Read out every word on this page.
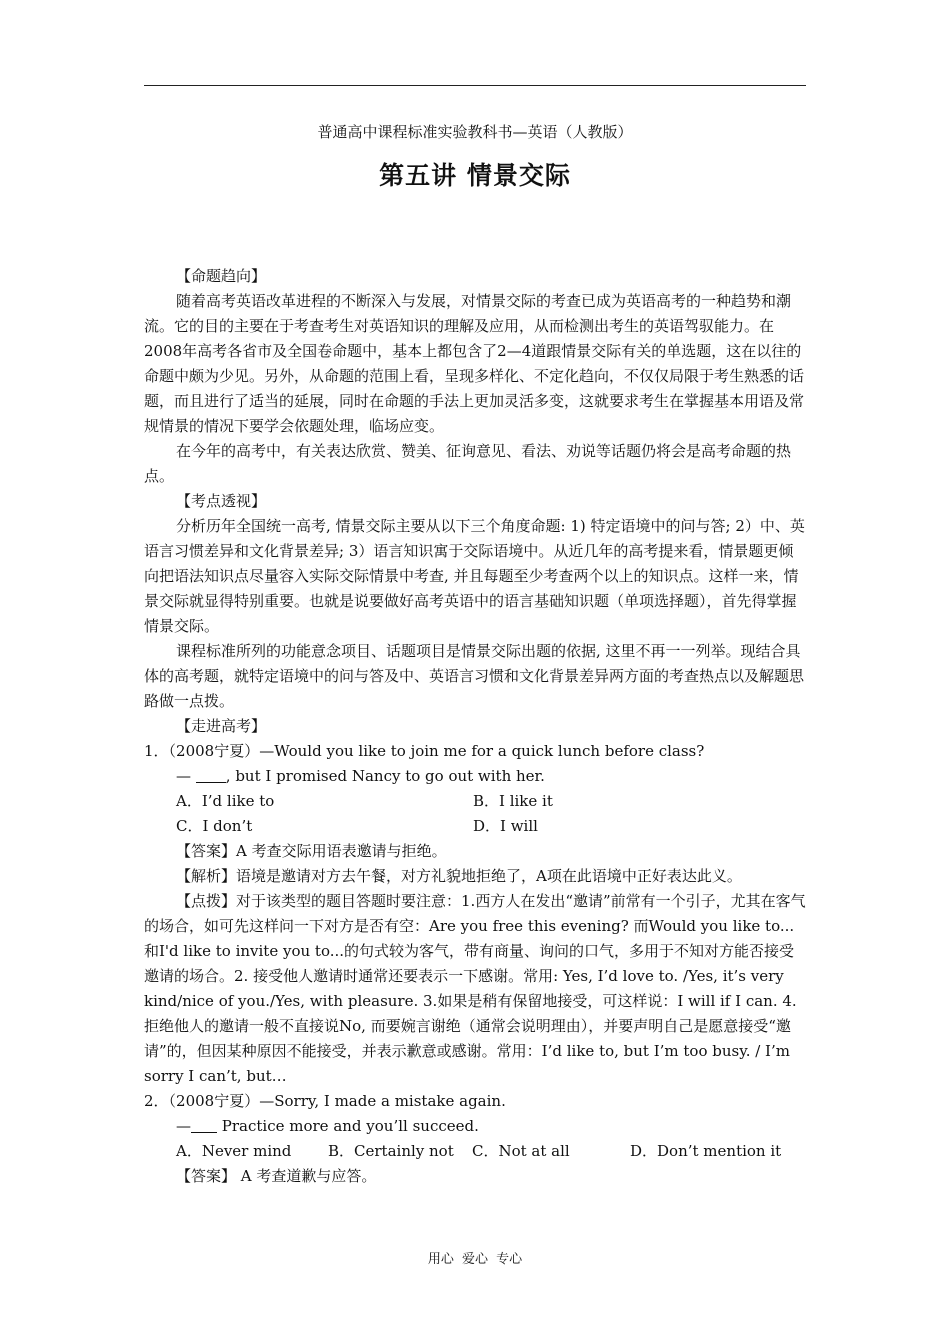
普通高中课程标准实验教科书—英语（人教版）
第五讲 情景交际

【命题趋向】

随着高考英语改革进程的不断深入与发展，对情景交际的考查已成为英语高考的一种趋势和潮流。它的目的主要在于考查考生对英语知识的理解及应用，从而检测出考生的英语驾驭能力。在2008年高考各省市及全国卷命题中，基本上都包含了2—4道跟情景交际有关的单选题，这在以往的命题中颇为少见。另外，从命题的范围上看，呈现多样化、不定化趋向，不仅仅局限于考生熟悉的话题，而且进行了适当的延展，同时在命题的手法上更加灵活多变，这就要求考生在掌握基本用语及常规情景的情况下要学会依题处理，临场应变。

在今年的高考中，有关表达欣赏、赞美、征询意见、看法、劝说等话题仍将会是高考命题的热点。

【考点透视】

分析历年全国统一高考, 情景交际主要从以下三个角度命题: 1) 特定语境中的问与答; 2）中、英语言习惯差异和文化背景差异; 3）语言知识寓于交际语境中。从近几年的高考提来看，情景题更倾向把语法知识点尽量容入实际交际情景中考查, 并且每题至少考查两个以上的知识点。这样一来，情景交际就显得特别重要。也就是说要做好高考英语中的语言基础知识题（单项选择题），首先得掌握情景交际。

课程标准所列的功能意念项目、话题项目是情景交际出题的依据, 这里不再一一列举。现结合具体的高考题，就特定语境中的问与答及中、英语言习惯和文化背景差异两方面的考查热点以及解题思路做一点拨。

【走进高考】

1．（2008宁夏）—Would you like to join me for a quick lunch before class?

— , but I promised Nancy to go out with her.

A．I’d like to	B．I like it
C．I don’t	D．I will

【答案】A 考查交际用语表邀请与拒绝。

【解析】语境是邀请对方去午餐，对方礼貌地拒绝了，A项在此语境中正好表达此义。

【点拨】对于该类型的题目答题时要注意：1.西方人在发出“邀请”前常有一个引子，尤其在客气的场合，如可先这样问一下对方是否有空：Are you free this evening? 而Would you like to...和I'd like to invite you to...的句式较为客气，带有商量、询问的口气，多用于不知对方能否接受邀请的场合。2. 接受他人邀请时通常还要表示一下感谢。常用: Yes, I’d love to. /Yes, it’s very kind/nice of you./Yes, with pleasure. 3.如果是稍有保留地接受，可这样说：I will if I can. 4. 拒绝他人的邀请一般不直接说No, 而要婉言谢绝（通常会说明理由），并要声明自己是愿意接受“邀请”的，但因某种原因不能接受，并表示歉意或感谢。常用：I’d like to, but I’m too busy. / I’m sorry I can’t, but…

2．（2008宁夏）—Sorry, I made a mistake again.

— Practice more and you’ll succeed.

A．Never mind	B．Certainly not	C．Not at all	D．Don’t mention it

【答案】 A 考查道歉与应答。

用心 爱心 专心
